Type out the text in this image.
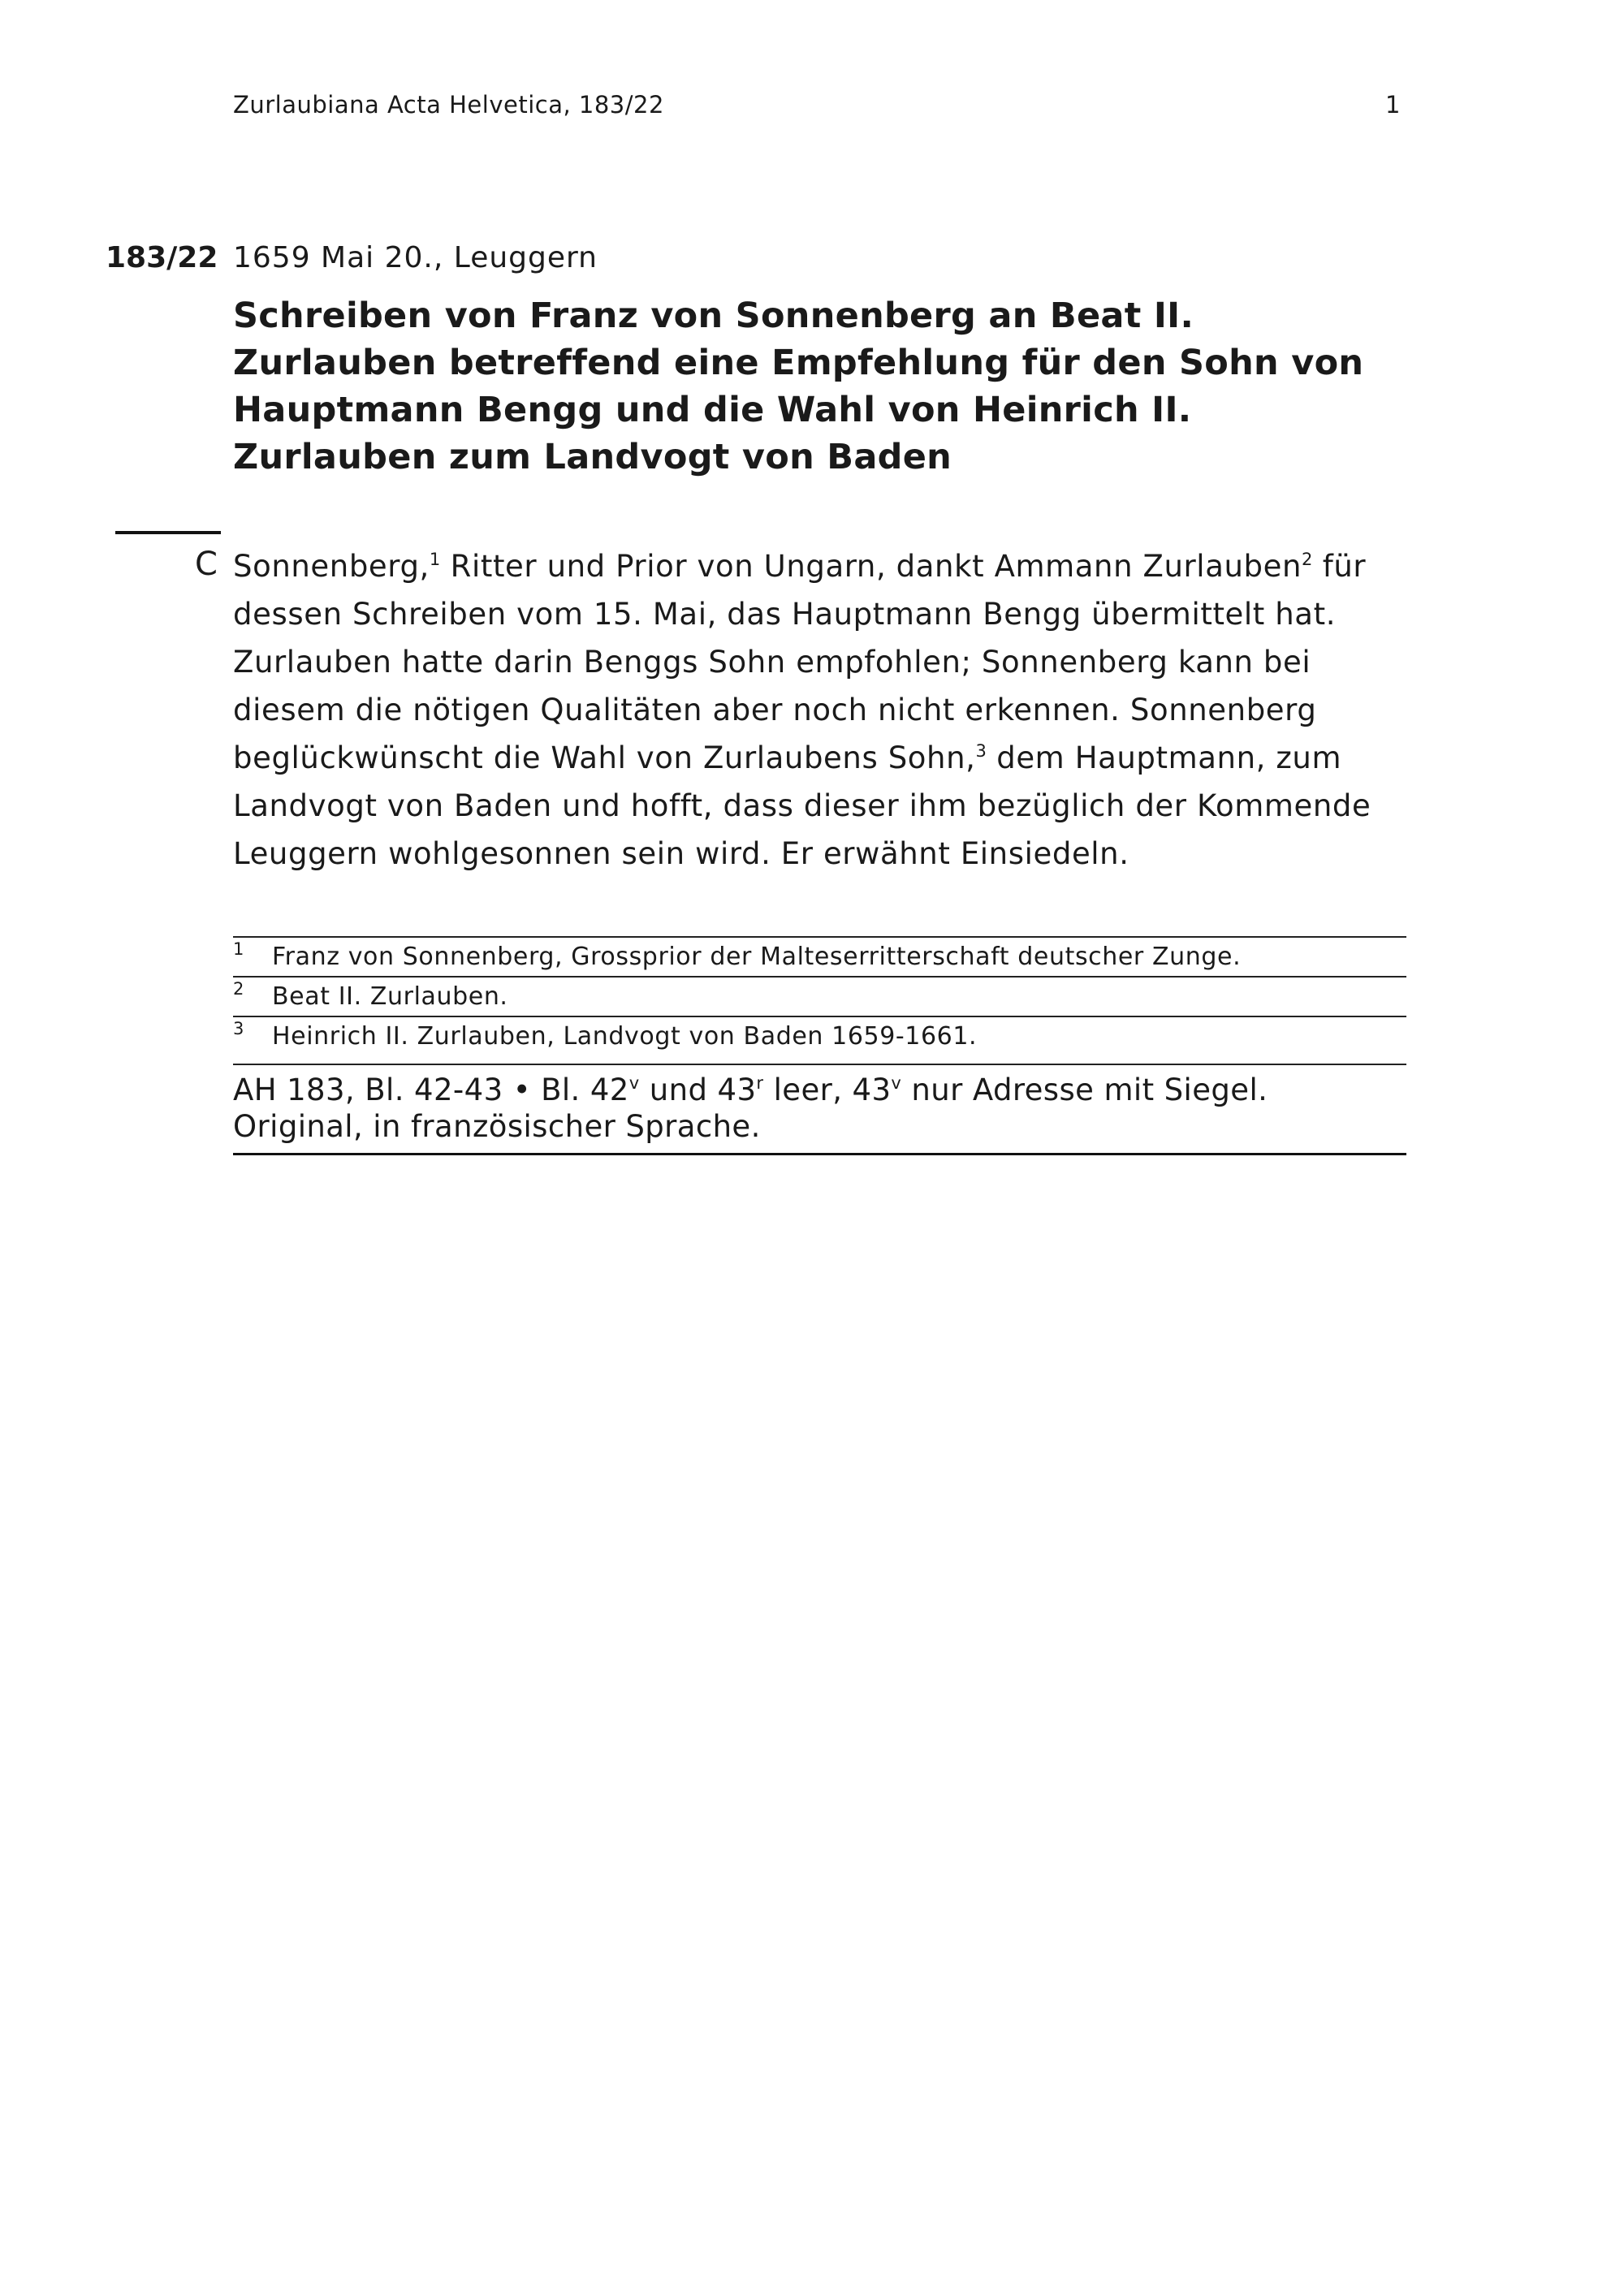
Zurlaubiana Acta Helvetica, 183/22	1
183/22 1659 Mai 20., Leuggern
Schreiben von Franz von Sonnenberg an Beat II. Zurlauben betreffend eine Empfehlung für den Sohn von Hauptmann Bengg und die Wahl von Heinrich II. Zurlauben zum Landvogt von Baden
C Sonnenberg,$^1$ Ritter und Prior von Ungarn, dankt Ammann Zurlauben$^2$ für dessen Schreiben vom 15. Mai, das Hauptmann Bengg übermittelt hat. Zurlauben hatte darin Benggs Sohn empfohlen; Sonnenberg kann bei diesem die nötigen Qualitäten aber noch nicht erkennen. Sonnenberg beglückwünscht die Wahl von Zurlaubens Sohn,$^3$ dem Hauptmann, zum Landvogt von Baden und hofft, dass dieser ihm bezüglich der Kommende Leuggern wohlgesonnen sein wird. Er erwähnt Einsiedeln.

1 Franz von Sonnenberg, Grossprior der Malteserritterschaft deutscher Zunge.
2 Beat II. Zurlauben.
3 Heinrich II. Zurlauben, Landvogt von Baden 1659-1661.
AH 183, Bl. 42-43 • Bl. 42$^v$ und 43$^r$ leer, 43$^v$ nur Adresse mit Siegel.
Original, in französischer Sprache.
